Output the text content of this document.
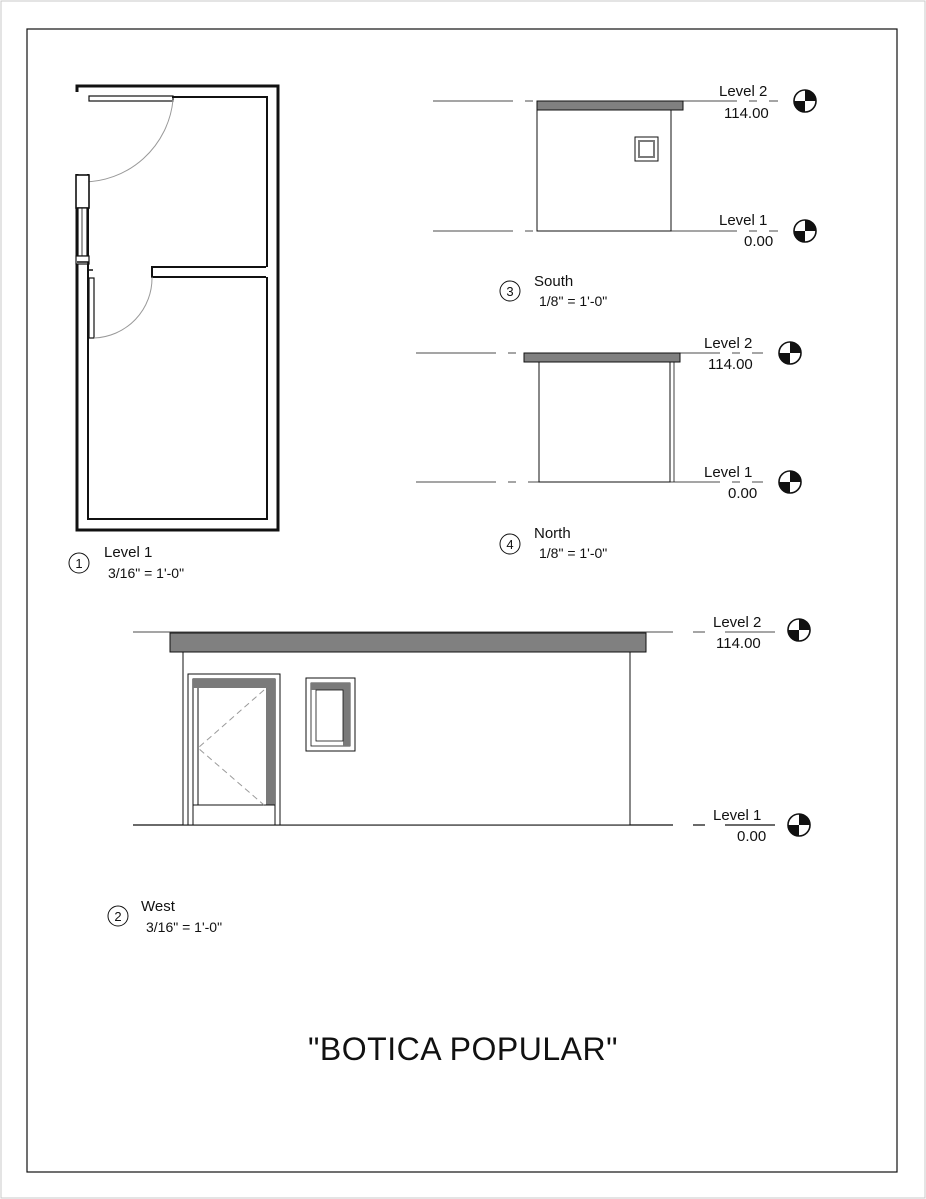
1
Level 1
3/16" = 1'-0"
Level 2
114.00
Level 1
0.00
3
South
1/8" = 1'-0"
Level 2
114.00
Level 1
0.00
4
North
1/8" = 1'-0"
Level 2
114.00
Level 1
0.00
2
West
3/16" = 1'-0"
"BOTICA POPULAR"
